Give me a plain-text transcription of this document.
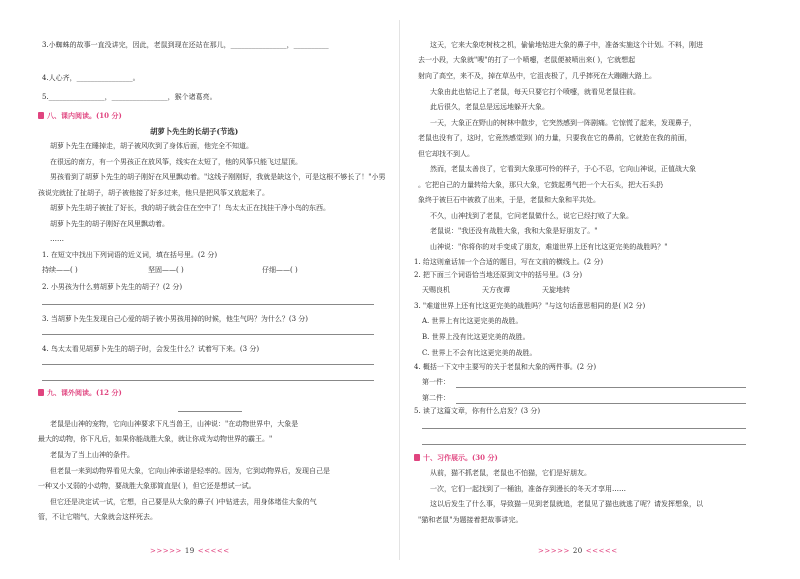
3.小蜘蛛的故事一直没讲完，因此，老鼠到现在还站在那儿，________________，__________
4.人心齐，________________。
5.________________，________________，猴个诸葛亮。
八、课内阅读。(10 分)
胡萝卜先生的长胡子(节选)
胡萝卜先生在睡掉走，胡子被风吹到了身体后面，他完全不知道。
在很远的南方，有一个男孩正在放风筝，线实在太短了，他的风筝只能飞过屋顶。
男孩看到了胡萝卜先生的胡子刚好在风里飘动着。"这线子刚刚好，我就是缺这个，可是这根不够长了！"小男
孩说完就扯了扯胡子，胡子被他接了好多过来，他只是把风筝又放起来了。
胡萝卜先生胡子被扯了好长，我的胡子就会住在空中了！鸟太太正在找挂干净小鸟的东西。
胡萝卜先生的胡子刚好在风里飘动着。
……
1. 在短文中找出下列词语的近义词，填在括号里。(2 分)
持续——( )	坚固——( )	仔细——( )
2. 小男孩为什么剪胡萝卜先生的胡子？(2 分)
3. 当胡萝卜先生发现自己心爱的胡子被小男孩用掉的时候，他生气吗？为什么？(3 分)
4. 鸟太太看见胡萝卜先生的胡子时，会发生什么？试着写下来。(3 分)
九、课外阅读。(12 分)
老鼠是山神的宠物，它向山神要求下凡当兽王，山神说："在动物世界中，大象是
最大的动物，你下凡后，如果你能战胜大象，就让你成为动物世界的霸王。"
老鼠为了当上山神的条件。
但老鼠一来到动物界看见大象，它向山神承诺是轻率的。因为，它到动物界后，发现自己是
一种又小又弱的小动物，要战胜大象那简直是( )，但它还是想试一试。
但它还是决定试一试，它想，自己要是从大象的鼻子( )中钻进去，用身体堵住大象的气
管，不让它喘气，大象就会这样死去。
>>>>> 19 <<<<<
这天，它来大象吃树枝之机，偷偷地钻进大象的鼻子中，准备实施这个计划。不料，刚进
去一小段，大象就"嗖"的打了一个喷嚏，老鼠便被喷出来( )，它就想起
射向了高空，来不及，掉在草丛中，它沮丧极了，几乎摔死在大蹦蹦大路上。
大象由此也惦记上了老鼠，每天只要它打个喷嚏，就看见老鼠往前。
此后很久，老鼠总是远远地躲开大象。
一天，大象正在野山的树林中散步，它突然感到一阵剧痛。它惊慌了起来，发现鼻子，
老鼠也没有了，这时，它竟然感觉到( )的力量，只要我在它的鼻前，它就抢在我的前面，
但它却找不到人。
然而，老鼠太善良了，它看到大象那可怜的样子，于心不忍，它向山神说，正值战大象
。它把自己的力量转给大象，那只大象，它鼓起勇气把一个大石头，把大石头扔
象终于被巨石中被救了出来，于是，老鼠和大象和平共处。
不久，山神找到了老鼠，它问老鼠做什么，说它已经打败了大象。
老鼠说："我还没有战胜大象，我和大象是好朋友了。"
山神说："你将你的对手变成了朋友，难道世界上还有比这更完美的战胜吗？"
1. 给这则童话加一个合适的题目，写在文前的横线上。(2 分)
2. 把下面三个词语恰当地还原到文中的括号里。(3 分)
天赐良机	天方夜谭	天旋地转
3. "难道世界上还有比这更完美的战胜吗？"与这句话意思相同的是( )(2 分)
A. 世界上有比这更完美的战胜。
B. 世界上没有比这更完美的战胜。
C. 世界上不会有比这更完美的战胜。
4. 概括一下文中主要写的关于老鼠和大象的两件事。(2 分)
第一件：
第二件：
5. 读了这篇文章，你有什么启发？(3 分)
十、习作展示。(30 分)
从前，猫不抓老鼠，老鼠也不怕猫，它们是好朋友。
一次，它们一起找到了一桶油，准备存到漫长的冬天才享用……
这以后发生了什么事，导致猫一见到老鼠就追，老鼠见了猫也就逃了呢？请发挥想象，以
"猫和老鼠"为题接着把故事讲完。
>>>>> 20 <<<<<
